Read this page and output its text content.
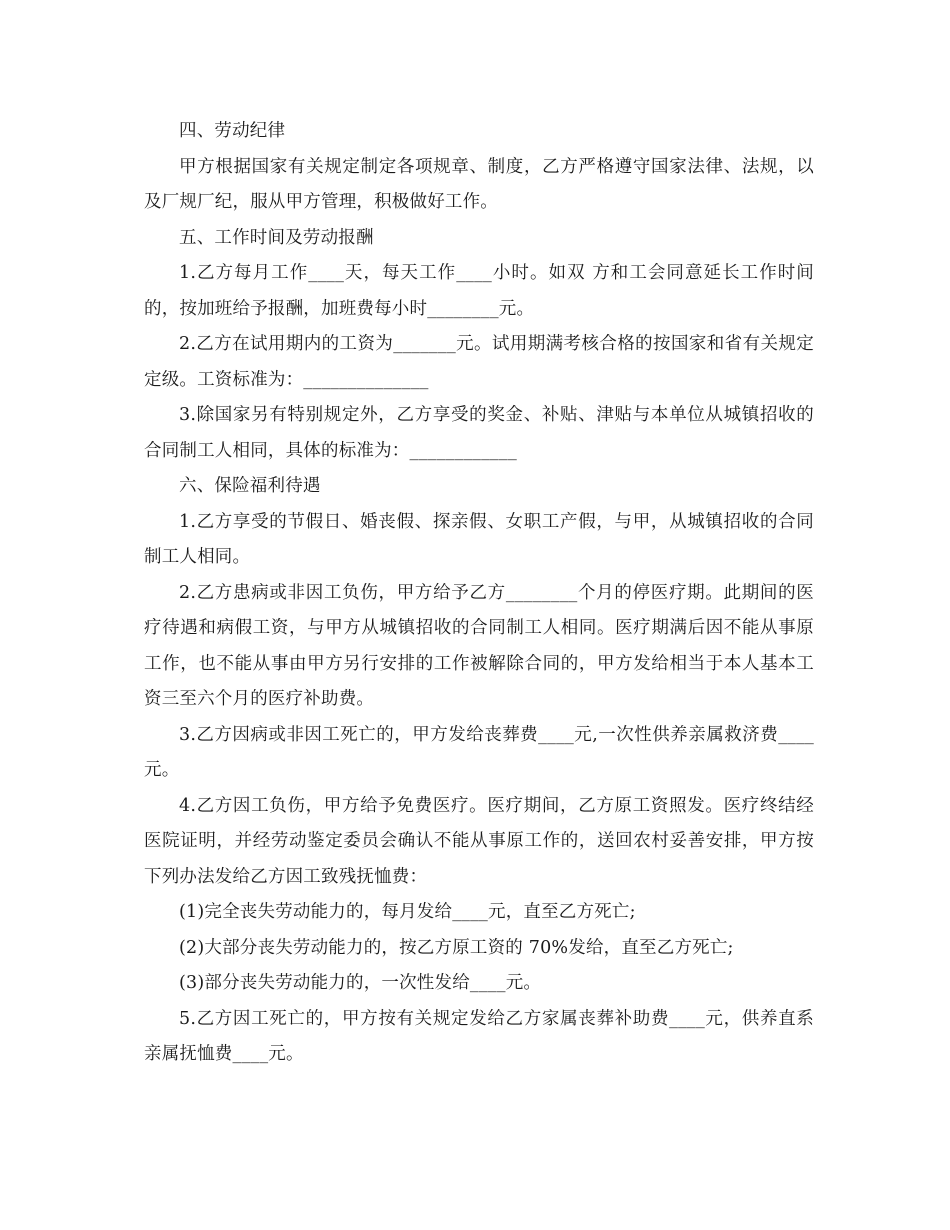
四、劳动纪律

甲方根据国家有关规定制定各项规章、制度，乙方严格遵守国家法律、法规，以及厂规厂纪，服从甲方管理，积极做好工作。

五、工作时间及劳动报酬

1.乙方每月工作____天，每天工作____小时。如双 方和工会同意延长工作时间的，按加班给予报酬，加班费每小时________元。

2.乙方在试用期内的工资为_______元。试用期满考核合格的按国家和省有关规定定级。工资标准为：______________

3.除国家另有特别规定外，乙方享受的奖金、补贴、津贴与本单位从城镇招收的合同制工人相同，具体的标准为：____________

六、保险福利待遇

1.乙方享受的节假日、婚丧假、探亲假、女职工产假，与甲，从城镇招收的合同制工人相同。

2.乙方患病或非因工负伤，甲方给予乙方________个月的停医疗期。此期间的医疗待遇和病假工资，与甲方从城镇招收的合同制工人相同。医疗期满后因不能从事原工作，也不能从事由甲方另行安排的工作被解除合同的，甲方发给相当于本人基本工资三至六个月的医疗补助费。

3.乙方因病或非因工死亡的，甲方发给丧葬费____元,一次性供养亲属救济费____元。

4.乙方因工负伤，甲方给予免费医疗。医疗期间，乙方原工资照发。医疗终结经医院证明，并经劳动鉴定委员会确认不能从事原工作的，送回农村妥善安排，甲方按下列办法发给乙方因工致残抚恤费：

(1)完全丧失劳动能力的，每月发给____元，直至乙方死亡;

(2)大部分丧失劳动能力的，按乙方原工资的 70%发给，直至乙方死亡;

(3)部分丧失劳动能力的，一次性发给____元。

5.乙方因工死亡的，甲方按有关规定发给乙方家属丧葬补助费____元，供养直系亲属抚恤费____元。
